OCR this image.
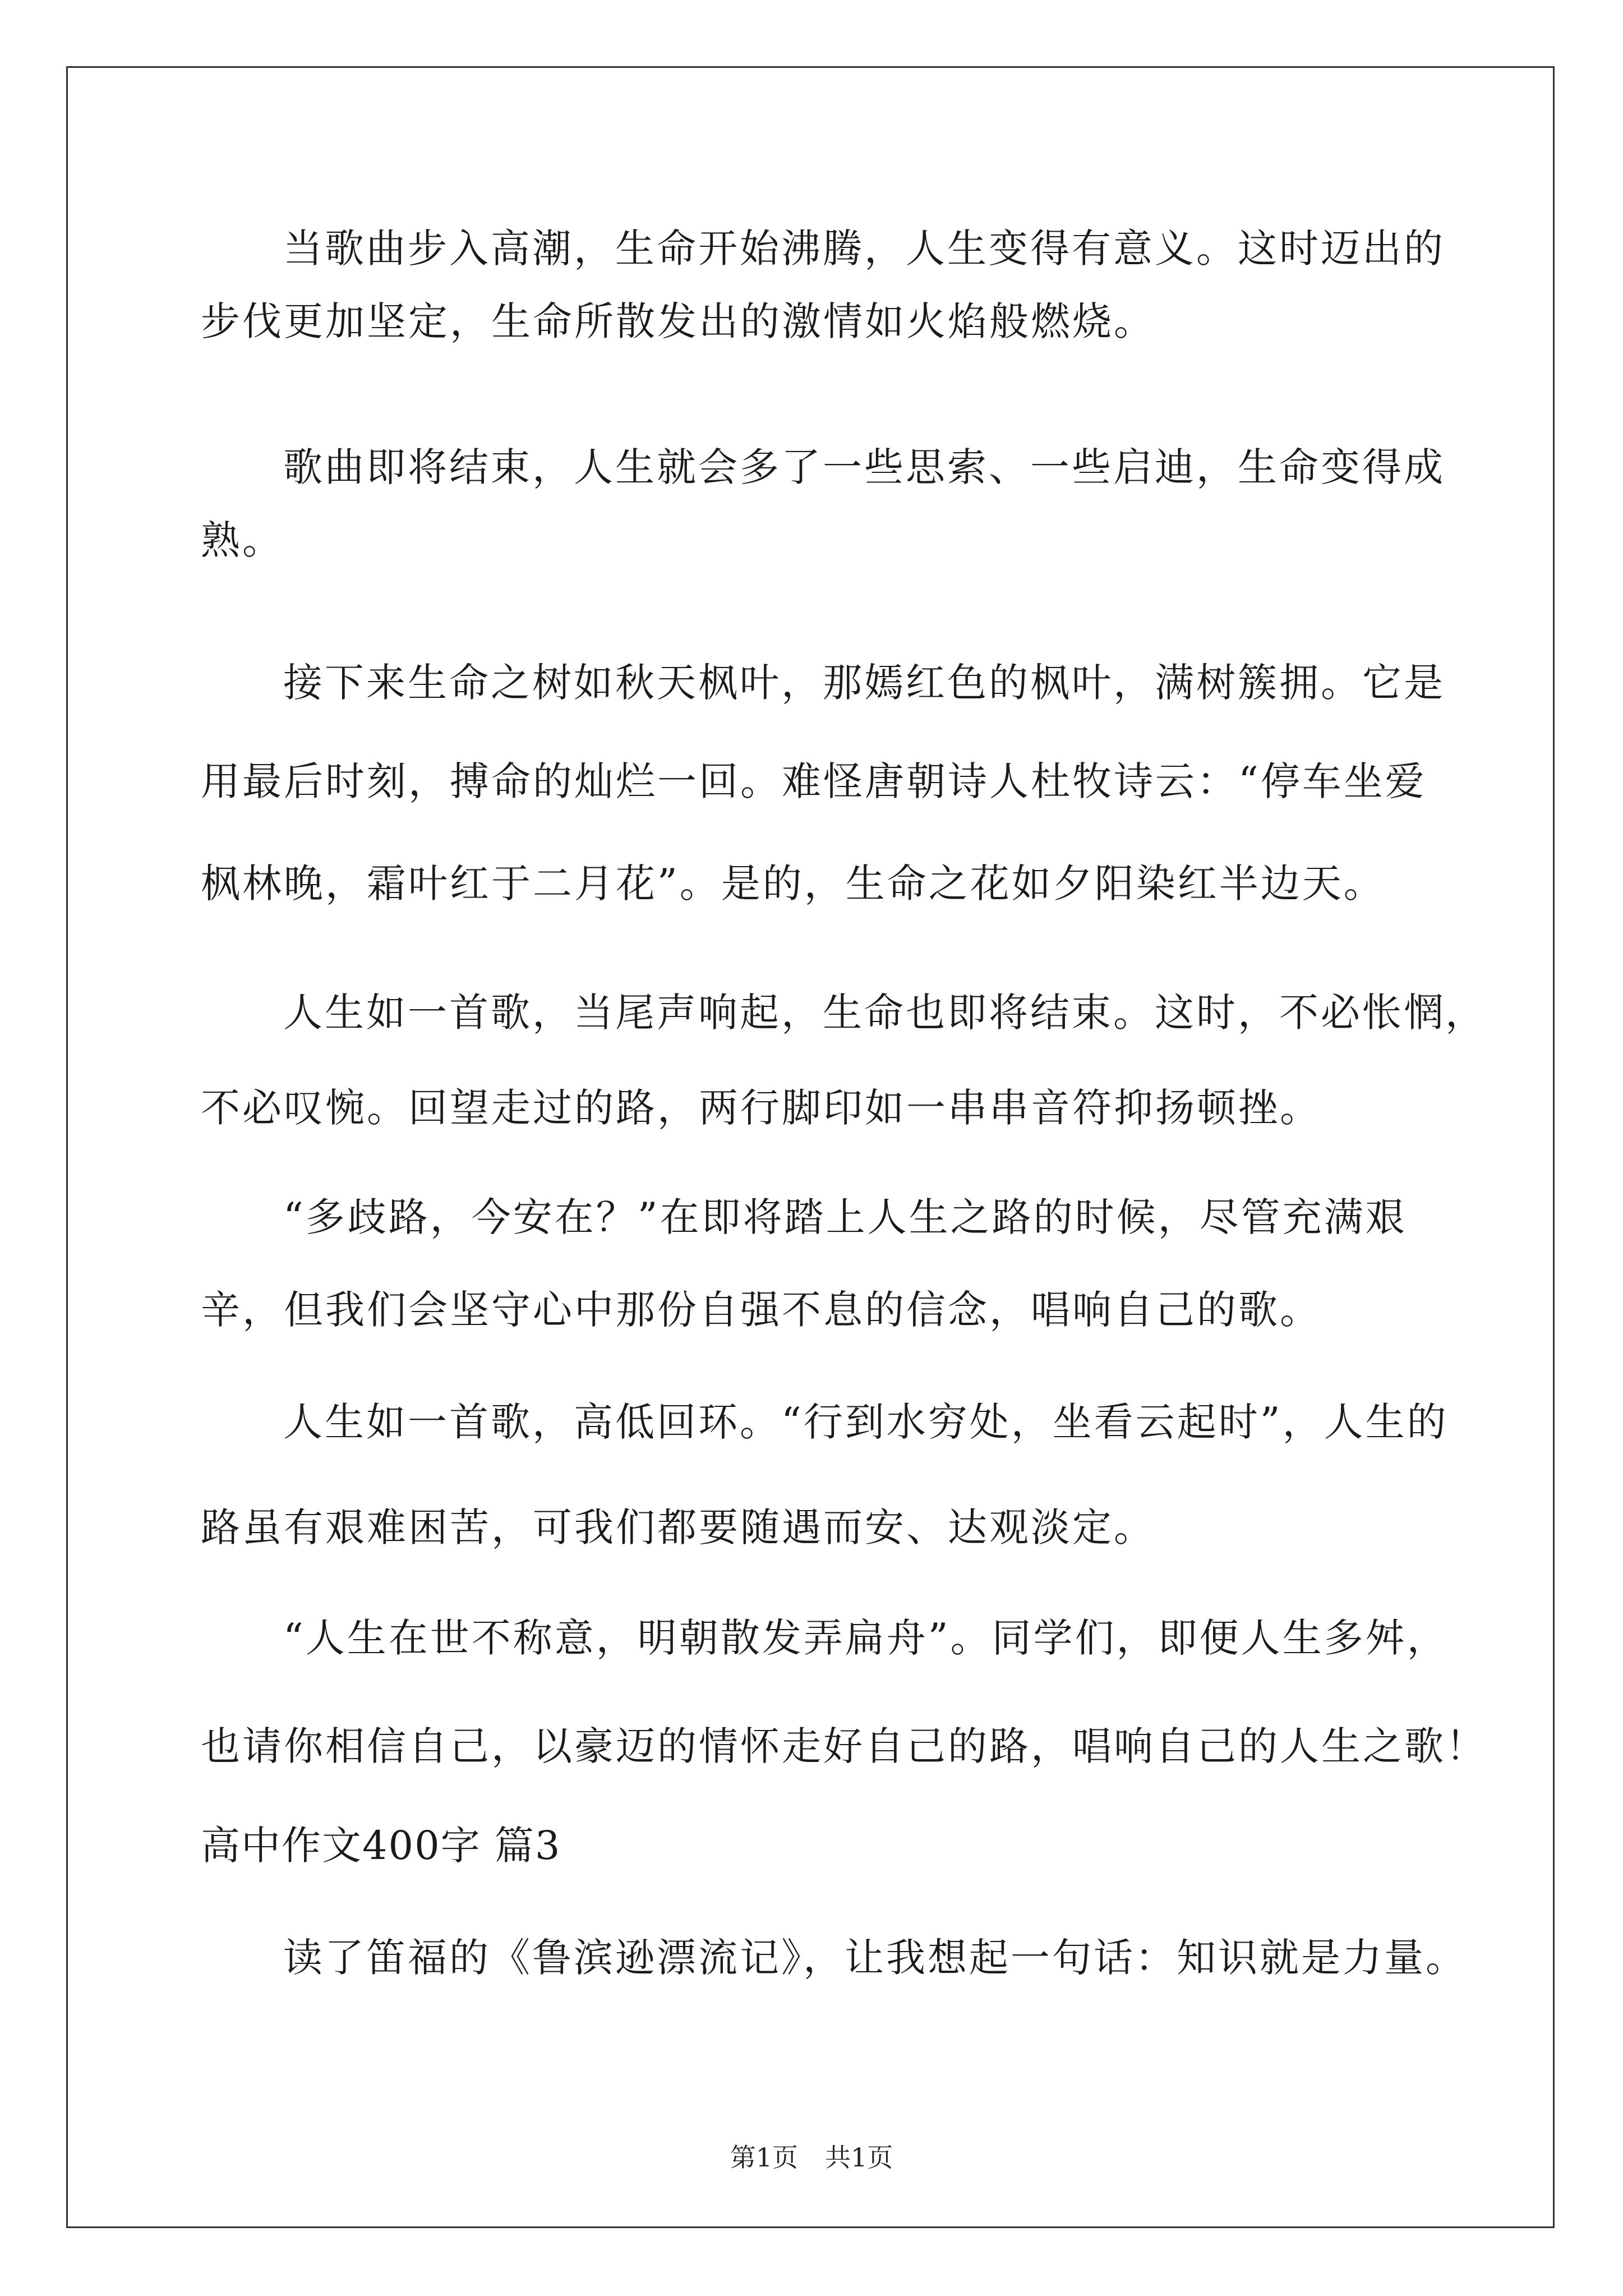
当歌曲步入高潮，生命开始沸腾，人生变得有意义。这时迈出的
步伐更加坚定，生命所散发出的激情如火焰般燃烧。
歌曲即将结束，人生就会多了一些思索、一些启迪，生命变得成
熟。
接下来生命之树如秋天枫叶，那嫣红色的枫叶，满树簇拥。它是
用最后时刻，搏命的灿烂一回。难怪唐朝诗人杜牧诗云：“停车坐爱
枫林晚，霜叶红于二月花”。是的，生命之花如夕阳染红半边天。
人生如一首歌，当尾声响起，生命也即将结束。这时，不必怅惘，
不必叹惋。回望走过的路，两行脚印如一串串音符抑扬顿挫。
“多歧路，今安在？”在即将踏上人生之路的时候，尽管充满艰
辛，但我们会坚守心中那份自强不息的信念，唱响自己的歌。
人生如一首歌，高低回环。“行到水穷处，坐看云起时”，人生的
路虽有艰难困苦，可我们都要随遇而安、达观淡定。
“人生在世不称意，明朝散发弄扁舟”。同学们，即便人生多舛，
也请你相信自己，以豪迈的情怀走好自己的路，唱响自己的人生之歌！
高中作文400字 篇3
读了笛福的《鲁滨逊漂流记》，让我想起一句话：知识就是力量。
第1页 共1页
